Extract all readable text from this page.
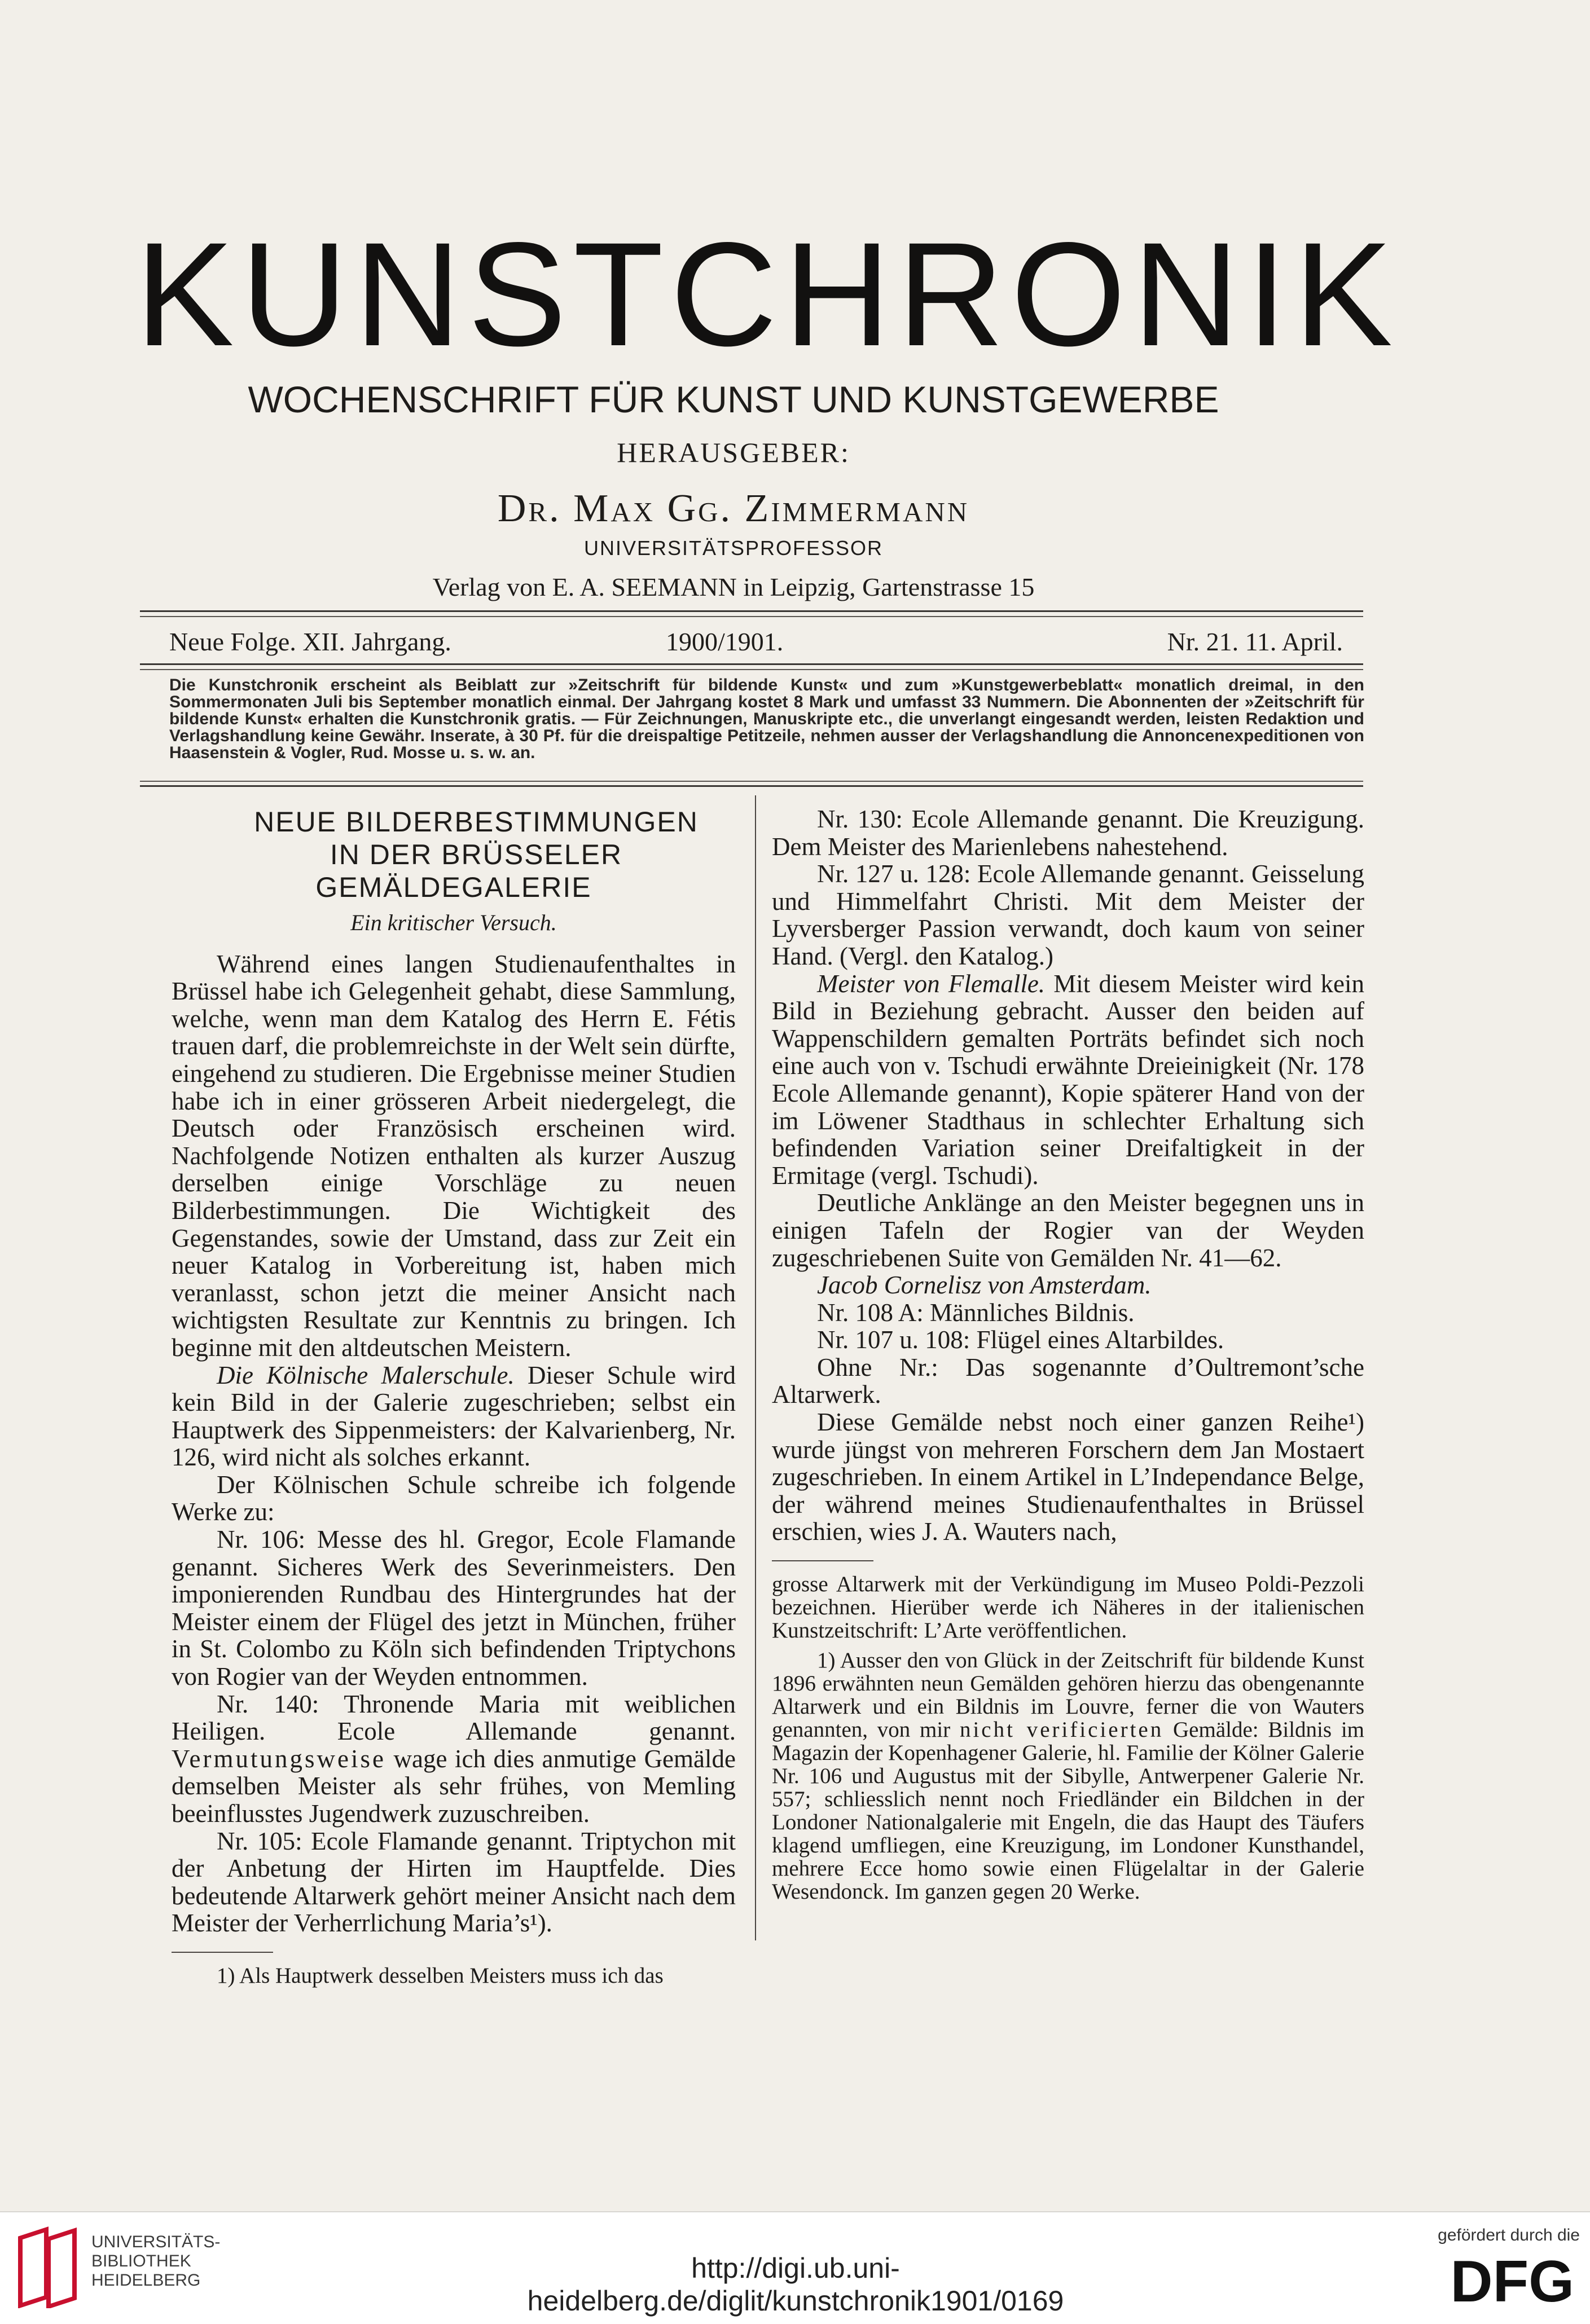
KUNSTCHRONIK
WOCHENSCHRIFT FÜR KUNST UND KUNSTGEWERBE
HERAUSGEBER:
Dr. Max Gg. Zimmermann
UNIVERSITÄTSPROFESSOR
Verlag von E. A. SEEMANN in Leipzig, Gartenstrasse 15
Neue Folge. XII. Jahrgang.	1900/1901.	Nr. 21. 11. April.
Die Kunstchronik erscheint als Beiblatt zur »Zeitschrift für bildende Kunst« und zum »Kunstgewerbeblatt« monatlich dreimal, in den Sommermonaten Juli bis September monatlich einmal. Der Jahrgang kostet 8 Mark und umfasst 33 Nummern. Die Abonnenten der »Zeitschrift für bildende Kunst« erhalten die Kunstchronik gratis. — Für Zeichnungen, Manuskripte etc., die unverlangt eingesandt werden, leisten Redaktion und Verlagshandlung keine Gewähr. Inserate, à 30 Pf. für die dreispaltige Petitzeile, nehmen ausser der Verlagshandlung die Annoncenexpeditionen von Haasenstein & Vogler, Rud. Mosse u. s. w. an.

NEUE BILDERBESTIMMUNGEN

IN DER BRÜSSELER GEMÄLDEGALERIE

Ein kritischer Versuch.

Während eines langen Studienaufenthaltes in Brüssel habe ich Gelegenheit gehabt, diese Sammlung, welche, wenn man dem Katalog des Herrn E. Fétis trauen darf, die problemreichste in der Welt sein dürfte, eingehend zu studieren. Die Ergebnisse meiner Studien habe ich in einer grösseren Arbeit niedergelegt, die Deutsch oder Französisch erscheinen wird. Nachfolgende Notizen enthalten als kurzer Auszug derselben einige Vorschläge zu neuen Bilderbestimmungen. Die Wichtigkeit des Gegenstandes, sowie der Umstand, dass zur Zeit ein neuer Katalog in Vorbereitung ist, haben mich veranlasst, schon jetzt die meiner Ansicht nach wichtigsten Resultate zur Kenntnis zu bringen. Ich beginne mit den altdeutschen Meistern.

Die Kölnische Malerschule. Dieser Schule wird kein Bild in der Galerie zugeschrieben; selbst ein Hauptwerk des Sippenmeisters: der Kalvarienberg, Nr. 126, wird nicht als solches erkannt.

Der Kölnischen Schule schreibe ich folgende Werke zu:

Nr. 106: Messe des hl. Gregor, Ecole Flamande genannt. Sicheres Werk des Severinmeisters. Den imponierenden Rundbau des Hintergrundes hat der Meister einem der Flügel des jetzt in München, früher in St. Colombo zu Köln sich befindenden Triptychons von Rogier van der Weyden entnommen.

Nr. 140: Thronende Maria mit weiblichen Heiligen. Ecole Allemande genannt. Vermutungsweise wage ich dies anmutige Gemälde demselben Meister als sehr frühes, von Memling beeinflusstes Jugendwerk zuzuschreiben.

Nr. 105: Ecole Flamande genannt. Triptychon mit der Anbetung der Hirten im Hauptfelde. Dies bedeutende Altarwerk gehört meiner Ansicht nach dem Meister der Verherrlichung Maria’s¹).

1) Als Hauptwerk desselben Meisters muss ich das

Nr. 130: Ecole Allemande genannt. Die Kreuzigung. Dem Meister des Marienlebens nahestehend.

Nr. 127 u. 128: Ecole Allemande genannt. Geisselung und Himmelfahrt Christi. Mit dem Meister der Lyversberger Passion verwandt, doch kaum von seiner Hand. (Vergl. den Katalog.)

Meister von Flemalle. Mit diesem Meister wird kein Bild in Beziehung gebracht. Ausser den beiden auf Wappenschildern gemalten Porträts befindet sich noch eine auch von v. Tschudi erwähnte Dreieinigkeit (Nr. 178 Ecole Allemande genannt), Kopie späterer Hand von der im Löwener Stadthaus in schlechter Erhaltung sich befindenden Variation seiner Dreifaltigkeit in der Ermitage (vergl. Tschudi).

Deutliche Anklänge an den Meister begegnen uns in einigen Tafeln der Rogier van der Weyden zugeschriebenen Suite von Gemälden Nr. 41—62.

Jacob Cornelisz von Amsterdam.

Nr. 108 A: Männliches Bildnis.

Nr. 107 u. 108: Flügel eines Altarbildes.

Ohne Nr.: Das sogenannte d’Oultremont’sche Altarwerk.

Diese Gemälde nebst noch einer ganzen Reihe¹) wurde jüngst von mehreren Forschern dem Jan Mostaert zugeschrieben. In einem Artikel in L’Independance Belge, der während meines Studienaufenthaltes in Brüssel erschien, wies J. A. Wauters nach,

grosse Altarwerk mit der Verkündigung im Museo Poldi-Pezzoli bezeichnen. Hierüber werde ich Näheres in der italienischen Kunstzeitschrift: L’Arte veröffentlichen.

1) Ausser den von Glück in der Zeitschrift für bildende Kunst 1896 erwähnten neun Gemälden gehören hierzu das obengenannte Altarwerk und ein Bildnis im Louvre, ferner die von Wauters genannten, von mir nicht verificierten Gemälde: Bildnis im Magazin der Kopenhagener Galerie, hl. Familie der Kölner Galerie Nr. 106 und Augustus mit der Sibylle, Antwerpener Galerie Nr. 557; schliesslich nennt noch Friedländer ein Bildchen in der Londoner Nationalgalerie mit Engeln, die das Haupt des Täufers klagend umfliegen, eine Kreuzigung, im Londoner Kunsthandel, mehrere Ecce homo sowie einen Flügelaltar in der Galerie Wesendonck. Im ganzen gegen 20 Werke.

UNIVERSITÄTS-
BIBLIOTHEK
HEIDELBERG	http://digi.ub.uni-heidelberg.de/diglit/kunstchronik1901/0169
gefördert durch die
DFG
